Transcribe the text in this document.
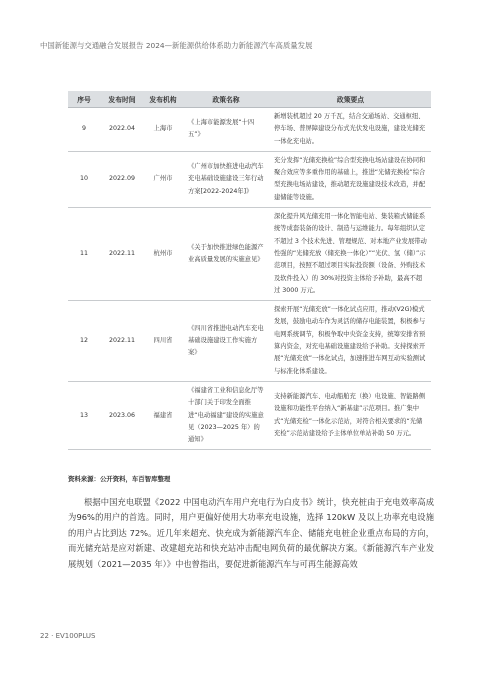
中国新能源与交通融合发展报告 2024—新能源供给体系助力新能源汽车高质量发展
序号	发布时间	发布机构	政策名称	政策要点
9	2022.04	上海市	《上海市能源发展“十四五”》	新增装机超过 20 万千瓦，结合交通场站、交通枢纽、停车场、普屏障建设分布式光伏发电设施，建设光储充一体化充电站。
10	2022.09	广州市	《广州市加快推进电动汽车充电基础设施建设三年行动方案[2022-2024年]》	充分发挥“光储充换检”综合型充换电场站建设在协同和聚合效应等多重作用的基础上，推进“光储充换检”综合型充换电场站建设，推动超充设施建设技术改造，并配建储能等设施。
11	2022.11	杭州市	《关于加快推进绿色能源产业高质量发展的实施意见》	深化提升风光储充用一体化智能电站、集装箱式储能系统等成套装备的设计、制造与运维能力。每年组织认定不超过 3 个技术先进、管理规范、对本地产业发展带动性强的“光储充放（储充换一体化）”“光伏、氢（储）”示范项目，按照不超过项目实际投资额（设备、外购技术及软件投入）的 30%对投资主体给予补助，最高不超过 3000 万元。
12	2022.11	四川省	《四川省推进电动汽车充电基础设施建设工作实施方案》	探索开展“光储充放”一体化试点应用，推动(V2G)模式发展，鼓励电动车作为灵活的储存电能装置，积极参与电网系统调节，积极争取中央资金支持，统筹安排省预算内资金，对充电基础设施建设给予补助。支持探索开展“光储充放”一体化试点，加速推进车网互动实验测试与标准化体系建设。
13	2023.06	福建省	《福建省工业和信息化厅等十部门关于印发全面推进“电动福建”建设的实施意见（2023—2025 年）的通知》	支持新能源汽车、电动船舶充（换）电设施、智能路侧设施和功能性平台纳入“新基建”示范项目。推广集中式“光储充检”一体化示范站，对符合相关要求的“光储充检”示范站建设给予主体单位单站补助 50 万元。
资料来源：公开资料，车百智库整理
根据中国充电联盟《2022 中国电动汽车用户充电行为白皮书》统计，快充桩由于充电效率高成为96%的用户的首选。同时，用户更偏好使用大功率充电设施，选择 120kW 及以上功率充电设施的用户占比到达 72%。近几年来超充、快充成为新能源汽车企、储能充电桩企业重点布局的方向，而光储充站是应对新建、改建超充站和快充站冲击配电网负荷的最优解决方案。《新能源汽车产业发展规划（2021—2035 年）》中也曾指出，要促进新能源汽车与可再生能源高效
22 · EV100PLUS
